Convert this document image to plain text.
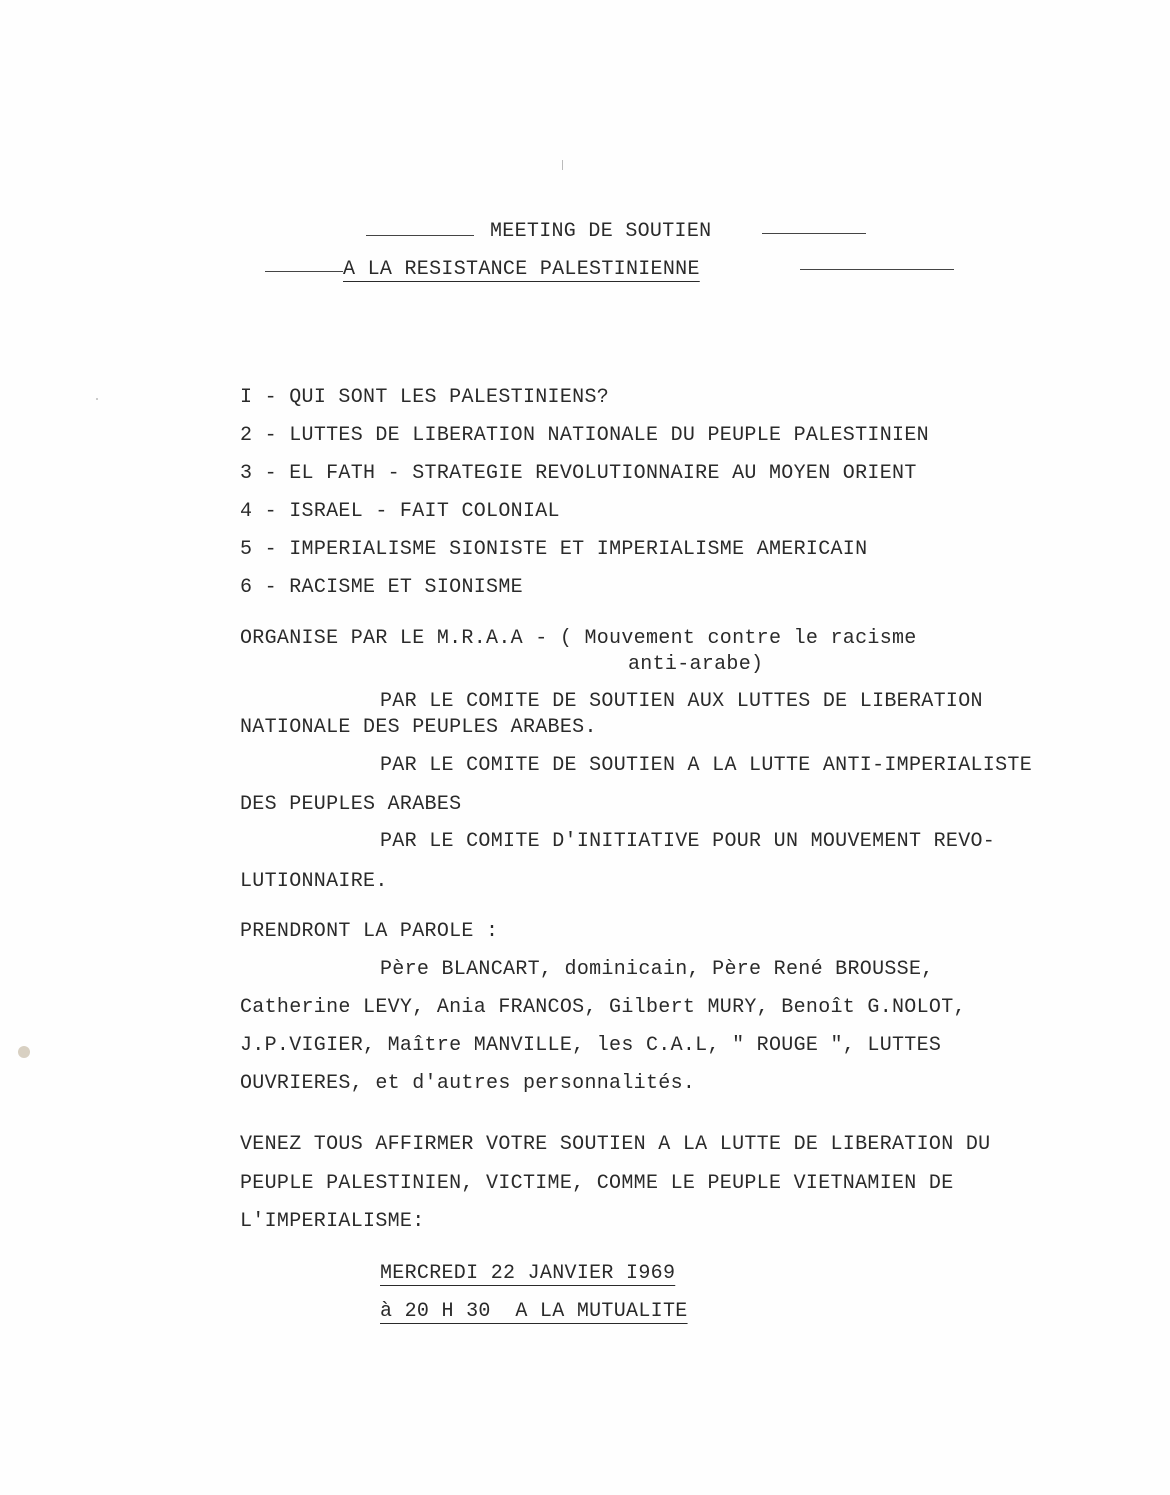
MEETING DE SOUTIEN
A LA RESISTANCE PALESTINIENNE
I - QUI SONT LES PALESTINIENS?
2 - LUTTES DE LIBERATION NATIONALE DU PEUPLE PALESTINIEN
3 - EL FATH - STRATEGIE REVOLUTIONNAIRE AU MOYEN ORIENT
4 - ISRAEL - FAIT COLONIAL
5 - IMPERIALISME SIONISTE ET IMPERIALISME AMERICAIN
6 - RACISME ET SIONISME
ORGANISE PAR LE M.R.A.A - ( Mouvement contre le racisme
anti-arabe)
PAR LE COMITE DE SOUTIEN AUX LUTTES DE LIBERATION
NATIONALE DES PEUPLES ARABES.
PAR LE COMITE DE SOUTIEN A LA LUTTE ANTI-IMPERIALISTE
DES PEUPLES ARABES
PAR LE COMITE D'INITIATIVE POUR UN MOUVEMENT REVO-
LUTIONNAIRE.
PRENDRONT LA PAROLE :
Père BLANCART, dominicain, Père René BROUSSE,
Catherine LEVY, Ania FRANCOS, Gilbert MURY, Benoît G.NOLOT,
J.P.VIGIER, Maître MANVILLE, les C.A.L, " ROUGE ", LUTTES
OUVRIERES, et d'autres personnalités.
VENEZ TOUS AFFIRMER VOTRE SOUTIEN A LA LUTTE DE LIBERATION DU
PEUPLE PALESTINIEN, VICTIME, COMME LE PEUPLE VIETNAMIEN DE
L'IMPERIALISME:
MERCREDI 22 JANVIER I969
à 20 H 30  A LA MUTUALITE
